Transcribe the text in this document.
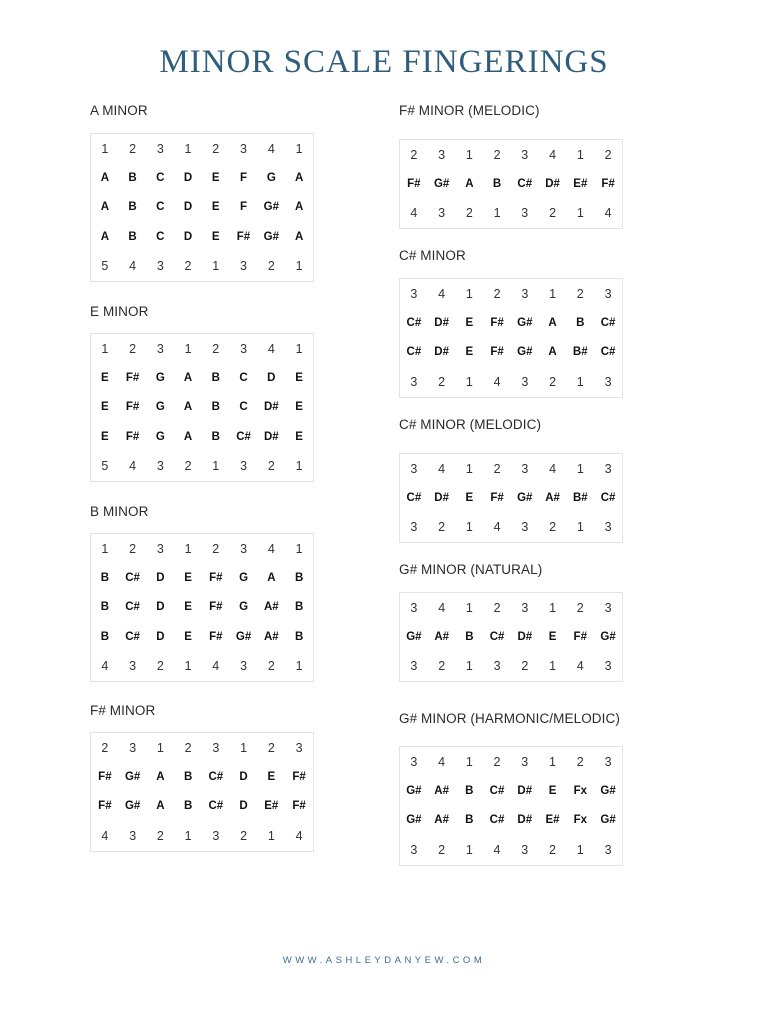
MINOR SCALE FINGERINGS
A MINOR
1	2	3	1	2	3	4	1
A	B	C	D	E	F	G	A
A	B	C	D	E	F	G#	A
A	B	C	D	E	F#	G#	A
5	4	3	2	1	3	2	1
E MINOR
1	2	3	1	2	3	4	1
E	F#	G	A	B	C	D	E
E	F#	G	A	B	C	D#	E
E	F#	G	A	B	C#	D#	E
5	4	3	2	1	3	2	1
B MINOR
1	2	3	1	2	3	4	1
B	C#	D	E	F#	G	A	B
B	C#	D	E	F#	G	A#	B
B	C#	D	E	F#	G#	A#	B
4	3	2	1	4	3	2	1
F# MINOR
2	3	1	2	3	1	2	3
F#	G#	A	B	C#	D	E	F#
F#	G#	A	B	C#	D	E#	F#
4	3	2	1	3	2	1	4
F# MINOR (MELODIC)
2	3	1	2	3	4	1	2
F#	G#	A	B	C#	D#	E#	F#
4	3	2	1	3	2	1	4
C# MINOR
3	4	1	2	3	1	2	3
C#	D#	E	F#	G#	A	B	C#
C#	D#	E	F#	G#	A	B#	C#
3	2	1	4	3	2	1	3
C# MINOR (MELODIC)
3	4	1	2	3	4	1	3
C#	D#	E	F#	G#	A#	B#	C#
3	2	1	4	3	2	1	3
G# MINOR (NATURAL)
3	4	1	2	3	1	2	3
G#	A#	B	C#	D#	E	F#	G#
3	2	1	3	2	1	4	3
G# MINOR (HARMONIC/MELODIC)
3	4	1	2	3	1	2	3
G#	A#	B	C#	D#	E	Fx	G#
G#	A#	B	C#	D#	E#	Fx	G#
3	2	1	4	3	2	1	3
WWW.ASHLEYDANYEW.COM
